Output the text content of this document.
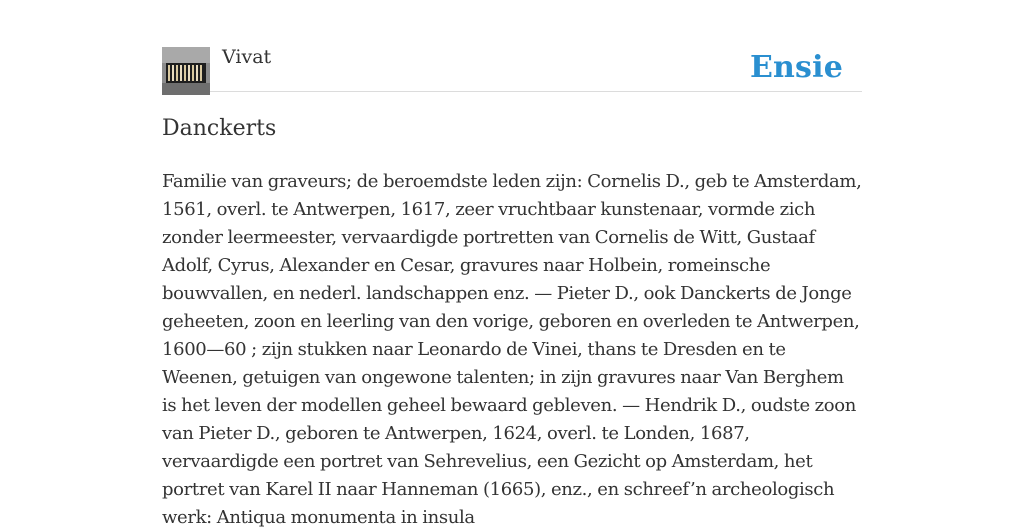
Vivat	Ensie
Danckerts

Familie van graveurs; de beroemdste leden zijn: Cornelis D., geb te Amsterdam, 1561, overl. te Antwerpen, 1617, zeer vruchtbaar kunstenaar, vormde zich zonder leermeester, vervaardigde portretten van Cornelis de Witt, Gustaaf Adolf, Cyrus, Alexander en Cesar, gravures naar Holbein, romeinsche bouwvallen, en nederl. landschappen enz. — Pieter D., ook Danckerts de Jonge geheeten, zoon en leerling van den vorige, geboren en overleden te Antwerpen, 1600—60 ; zijn stukken naar Leonardo de Vinei, thans te Dresden en te Weenen, getuigen van ongewone talenten; in zijn gravures naar Van Berghem is het leven der modellen geheel bewaard gebleven. — Hendrik D., oudste zoon van Pieter D., geboren te Antwerpen, 1624, overl. te Londen, 1687, vervaardigde een portret van Sehrevelius, een Gezicht op Amsterdam, het portret van Karel II naar Hanneman (1665), enz., en schreef’n archeologisch werk: Antiqua monumenta in insula
